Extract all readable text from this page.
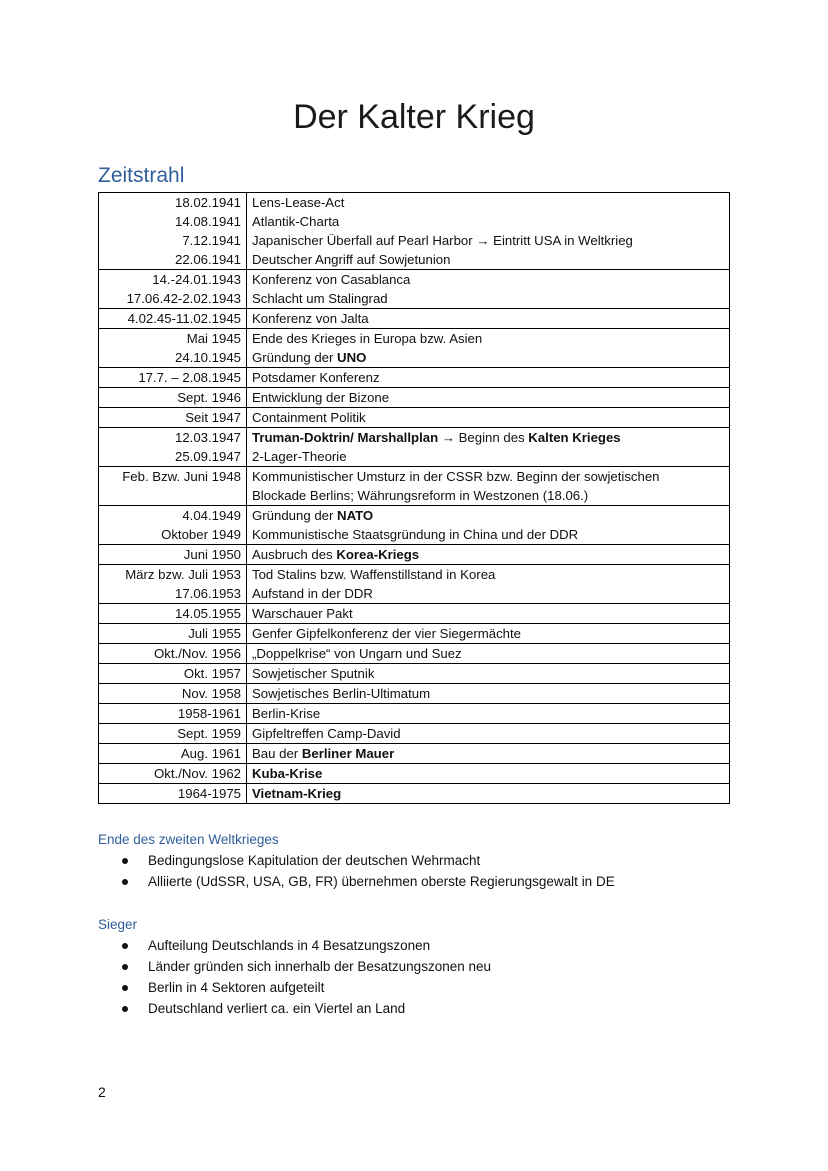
Der Kalter Krieg
Zeitstrahl
18.02.1941	Lens-Lease-Act
14.08.1941	Atlantik-Charta
7.12.1941	Japanischer Überfall auf Pearl Harbor → Eintritt USA in Weltkrieg
22.06.1941	Deutscher Angriff auf Sowjetunion
14.-24.01.1943	Konferenz von Casablanca
17.06.42-2.02.1943	Schlacht um Stalingrad
4.02.45-11.02.1945	Konferenz von Jalta
Mai 1945	Ende des Krieges in Europa bzw. Asien
24.10.1945	Gründung der UNO
17.7. – 2.08.1945	Potsdamer Konferenz
Sept. 1946	Entwicklung der Bizone
Seit 1947	Containment Politik
12.03.1947	Truman-Doktrin/ Marshallplan → Beginn des Kalten Krieges
25.09.1947	2-Lager-Theorie
Feb. Bzw. Juni 1948	Kommunistischer Umsturz in der CSSR bzw. Beginn der sowjetischen
	Blockade Berlins; Währungsreform in Westzonen (18.06.)
4.04.1949	Gründung der NATO
Oktober 1949	Kommunistische Staatsgründung in China und der DDR
Juni 1950	Ausbruch des Korea-Kriegs
März bzw. Juli 1953	Tod Stalins bzw. Waffenstillstand in Korea
17.06.1953	Aufstand in der DDR
14.05.1955	Warschauer Pakt
Juli 1955	Genfer Gipfelkonferenz der vier Siegermächte
Okt./Nov. 1956	„Doppelkrise“ von Ungarn und Suez
Okt. 1957	Sowjetischer Sputnik
Nov. 1958	Sowjetisches Berlin-Ultimatum
1958-1961	Berlin-Krise
Sept. 1959	Gipfeltreffen Camp-David
Aug. 1961	Bau der Berliner Mauer
Okt./Nov. 1962	Kuba-Krise
1964-1975	Vietnam-Krieg
Ende des zweiten Weltkrieges
Bedingungslose Kapitulation der deutschen Wehrmacht
Alliierte (UdSSR, USA, GB, FR) übernehmen oberste Regierungsgewalt in DE
Sieger
Aufteilung Deutschlands in 4 Besatzungszonen
Länder gründen sich innerhalb der Besatzungszonen neu
Berlin in 4 Sektoren aufgeteilt
Deutschland verliert ca. ein Viertel an Land
2
